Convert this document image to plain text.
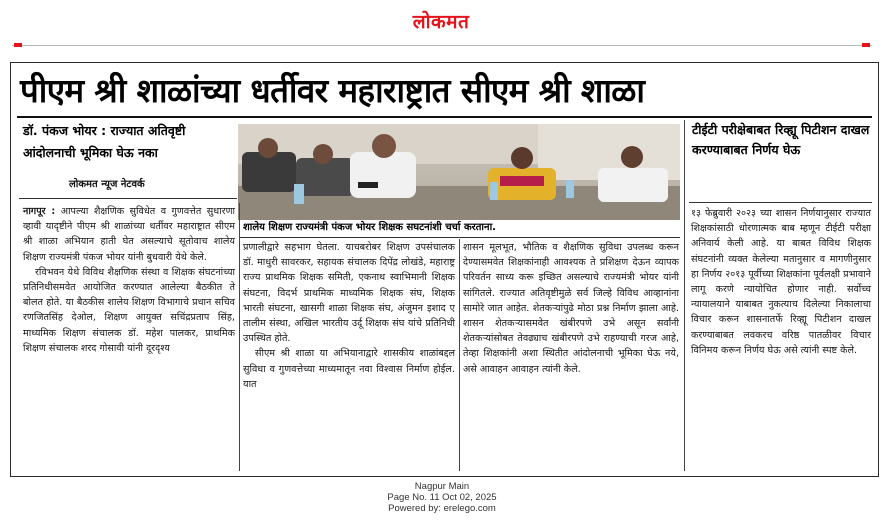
लोकमत
पीएम श्री शाळांच्या धर्तीवर महाराष्ट्रात सीएम श्री शाळा
डॉ. पंकज भोयर : राज्यात अतिवृष्टी आंदोलनाची भूमिका घेऊ नका
लोकमत न्यूज नेटवर्क
शालेय शिक्षण राज्यमंत्री पंकज भोयर शिक्षक सघटनांशी चर्चा करताना.

नागपूर : आपल्या शैक्षणिक सुविधेत व गुणवत्तेत सुधारणा व्हावी यादृष्टीने पीएम श्री शाळांच्या धर्तीवर महाराष्ट्रात सीएम श्री शाळा अभियान हाती घेत असल्याचे सूतोवाच शालेय शिक्षण राज्यमंत्री पंकज भोयर यांनी बुधवारी येथे केले.

रविभवन येथे विविध शैक्षणिक संस्था व शिक्षक संघटनांच्या प्रतिनिधीसमवेत आयोजित करण्यात आलेल्या बैठकीत ते बोलत होते. या बैठकीस शालेय शिक्षण विभागाचे प्रधान सचिव रणजितसिंह देओल, शिक्षण आयुक्त सचिंद्रप्रताप सिंह, माध्यमिक शिक्षण संचालक डॉ. महेश पालकर, प्राथमिक शिक्षण संचालक शरद गोसावी यांनी दूरदृश्य

प्रणालीद्वारे सहभाग घेतला. याचबरोबर शिक्षण उपसंचालक डॉ. माधुरी सावरकर, सहायक संचालक दिपेंद्र लोखंडे, महाराष्ट्र राज्य प्राथमिक शिक्षक समिती, एकनाथ स्वाभिमानी शिक्षक संघटना, विदर्भ प्राथमिक माध्यमिक शिक्षक संघ, शिक्षक भारती संघटना, खासगी शाळा शिक्षक संघ, अंजुमन इशाद ए तालीम संस्था, अखिल भारतीय उर्दू शिक्षक संघ यांचे प्रतिनिधी उपस्थित होते.

सीएम श्री शाळा या अभियानाद्वारे शासकीय शाळांबद्दल सुविधा व गुणवत्तेच्या माध्यमातून नवा विश्वास निर्माण होईल. यात

शासन मूलभूत, भौतिक व शैक्षणिक सुविधा उपलब्ध करून देण्यासमवेत शिक्षकांनाही आवश्यक ते प्रशिक्षण देऊन व्यापक परिवर्तन साध्य करू इच्छित असल्याचे राज्यमंत्री भोयर यांनी सांगितले. राज्यात अतिवृष्टीमुळे सर्व जिल्हे विविध आव्हानांना सामोरे जात आहेत. शेतकऱ्यांपुढे मोठा प्रश्न निर्माण झाला आहे. शासन शेतकऱ्यासमवेत खंबीरपणे उभे असून सर्वांनी शेतकऱ्यांसोबत तेवढ्याच खंबीरपणे उभे राहण्याची गरज आहे, तेव्हा शिक्षकांनी अशा स्थितीत आंदोलनाची भूमिका घेऊ नये, असे आवाहन आवाहन त्यांनी केले.

टीईटी परीक्षेबाबत रिव्ह्यू पिटीशन दाखल करण्याबाबत निर्णय घेऊ

१३ फेब्रुवारी २०२३ च्या शासन निर्णयानुसार राज्यात शिक्षकांसाठी धोरणात्मक बाब म्हणून टीईटी परीक्षा अनिवार्य केली आहे. या बाबत विविध शिक्षक संघटनांनी व्यक्त केलेल्या मतानुसार व मागणीनुसार हा निर्णय २०१३ पूर्वीच्या शिक्षकांना पूर्वलक्षी प्रभावाने लागू करणे न्यायोचित होणार नाही. सर्वोच्च न्यायालयाने याबाबत नुकत्याच दिलेल्या निकालाचा विचार करून शासनातर्फे रिव्ह्यू पिटीशन दाखल करण्याबाबत लवकरच वरिष्ठ पातळीवर विचार विनिमय करून निर्णय घेऊ असे त्यांनी स्पष्ट केले.

Nagpur Main
Page No. 11 Oct 02, 2025
Powered by: erelego.com
